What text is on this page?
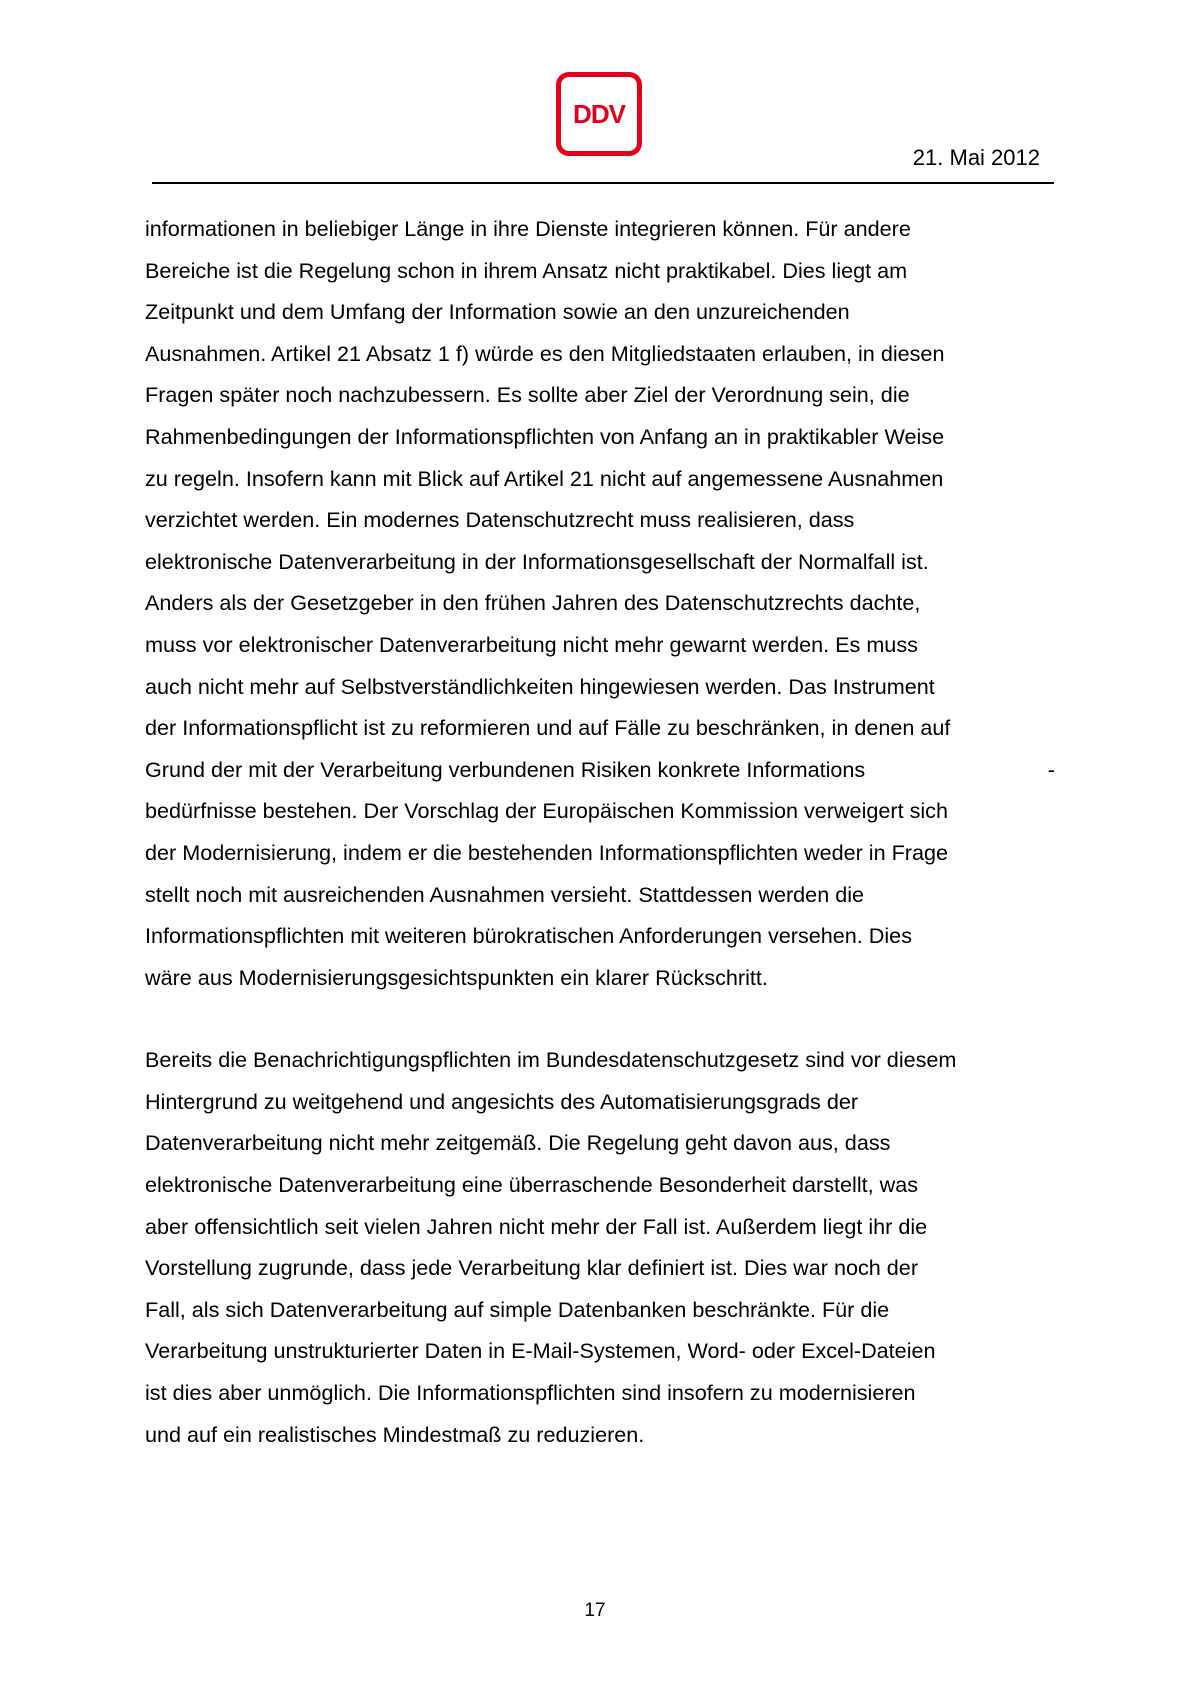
DDV
21. Mai 2012
informationen in beliebiger Länge in ihre Dienste integrieren können. Für andere
Bereiche ist die Regelung schon in ihrem Ansatz nicht praktikabel. Dies liegt am
Zeitpunkt und dem Umfang der Information sowie an den unzureichenden
Ausnahmen. Artikel 21 Absatz 1 f) würde es den Mitgliedstaaten erlauben, in diesen
Fragen später noch nachzubessern. Es sollte aber Ziel der Verordnung sein, die
Rahmenbedingungen der Informationspflichten von Anfang an in praktikabler Weise
zu regeln. Insofern kann mit Blick auf Artikel 21 nicht auf angemessene Ausnahmen
verzichtet werden. Ein modernes Datenschutzrecht muss realisieren, dass
elektronische Datenverarbeitung in der Informationsgesellschaft der Normalfall ist.
Anders als der Gesetzgeber in den frühen Jahren des Datenschutzrechts dachte,
muss vor elektronischer Datenverarbeitung nicht mehr gewarnt werden. Es muss
auch nicht mehr auf Selbstverständlichkeiten hingewiesen werden. Das Instrument
der Informationspflicht ist zu reformieren und auf Fälle zu beschränken, in denen auf
Grund der mit der Verarbeitung verbundenen Risiken konkrete Informations	-
bedürfnisse bestehen. Der Vorschlag der Europäischen Kommission verweigert sich
der Modernisierung, indem er die bestehenden Informationspflichten weder in Frage
stellt noch mit ausreichenden Ausnahmen versieht. Stattdessen werden die
Informationspflichten mit weiteren bürokratischen Anforderungen versehen. Dies
wäre aus Modernisierungsgesichtspunkten ein klarer Rückschritt.
Bereits die Benachrichtigungspflichten im Bundesdatenschutzgesetz sind vor diesem
Hintergrund zu weitgehend und angesichts des Automatisierungsgrads der
Datenverarbeitung nicht mehr zeitgemäß. Die Regelung geht davon aus, dass
elektronische Datenverarbeitung eine überraschende Besonderheit darstellt, was
aber offensichtlich seit vielen Jahren nicht mehr der Fall ist. Außerdem liegt ihr die
Vorstellung zugrunde, dass jede Verarbeitung klar definiert ist. Dies war noch der
Fall, als sich Datenverarbeitung auf simple Datenbanken beschränkte. Für die
Verarbeitung unstrukturierter Daten in E-Mail-Systemen, Word- oder Excel-Dateien
ist dies aber unmöglich. Die Informationspflichten sind insofern zu modernisieren
und auf ein realistisches Mindestmaß zu reduzieren.
17
